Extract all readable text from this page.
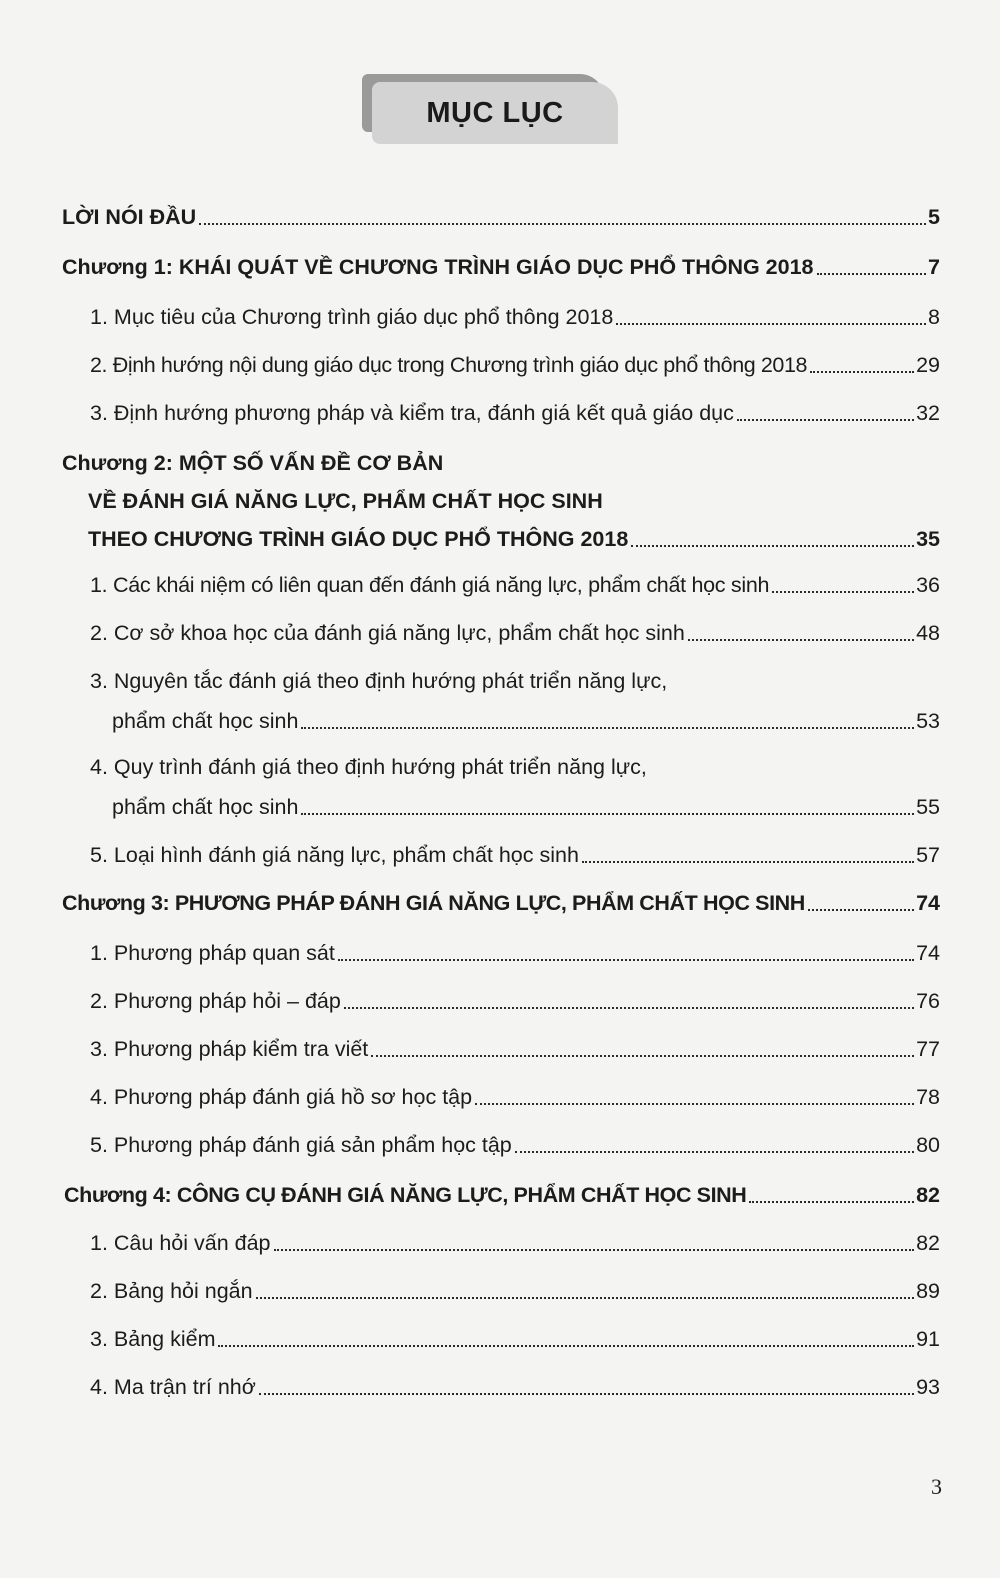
MỤC LỤC
LỜI NÓI ĐẦU	5
Chương 1: KHÁI QUÁT VỀ CHƯƠNG TRÌNH GIÁO DỤC PHỔ THÔNG 2018	7
1. Mục tiêu của Chương trình giáo dục phổ thông 2018	8
2. Định hướng nội dung giáo dục trong Chương trình giáo dục phổ thông 2018	29
3. Định hướng phương pháp và kiểm tra, đánh giá kết quả giáo dục	32
Chương 2: MỘT SỐ VẤN ĐỀ CƠ BẢN
VỀ ĐÁNH GIÁ NĂNG LỰC, PHẨM CHẤT HỌC SINH
THEO CHƯƠNG TRÌNH GIÁO DỤC PHỔ THÔNG 2018	35
1. Các khái niệm có liên quan đến đánh giá năng lực, phẩm chất học sinh	36
2. Cơ sở khoa học của đánh giá năng lực, phẩm chất học sinh	48
3. Nguyên tắc đánh giá theo định hướng phát triển năng lực,
phẩm chất học sinh	53
4. Quy trình đánh giá theo định hướng phát triển năng lực,
phẩm chất học sinh	55
5. Loại hình đánh giá năng lực, phẩm chất học sinh	57
Chương 3: PHƯƠNG PHÁP ĐÁNH GIÁ NĂNG LỰC, PHẨM CHẤT HỌC SINH	74
1. Phương pháp quan sát	74
2. Phương pháp hỏi – đáp	76
3. Phương pháp kiểm tra viết	77
4. Phương pháp đánh giá hồ sơ học tập	78
5. Phương pháp đánh giá sản phẩm học tập	80
Chương 4: CÔNG CỤ ĐÁNH GIÁ NĂNG LỰC, PHẨM CHẤT HỌC SINH	82
1. Câu hỏi vấn đáp	82
2. Bảng hỏi ngắn	89
3. Bảng kiểm	91
4. Ma trận trí nhớ	93
3
